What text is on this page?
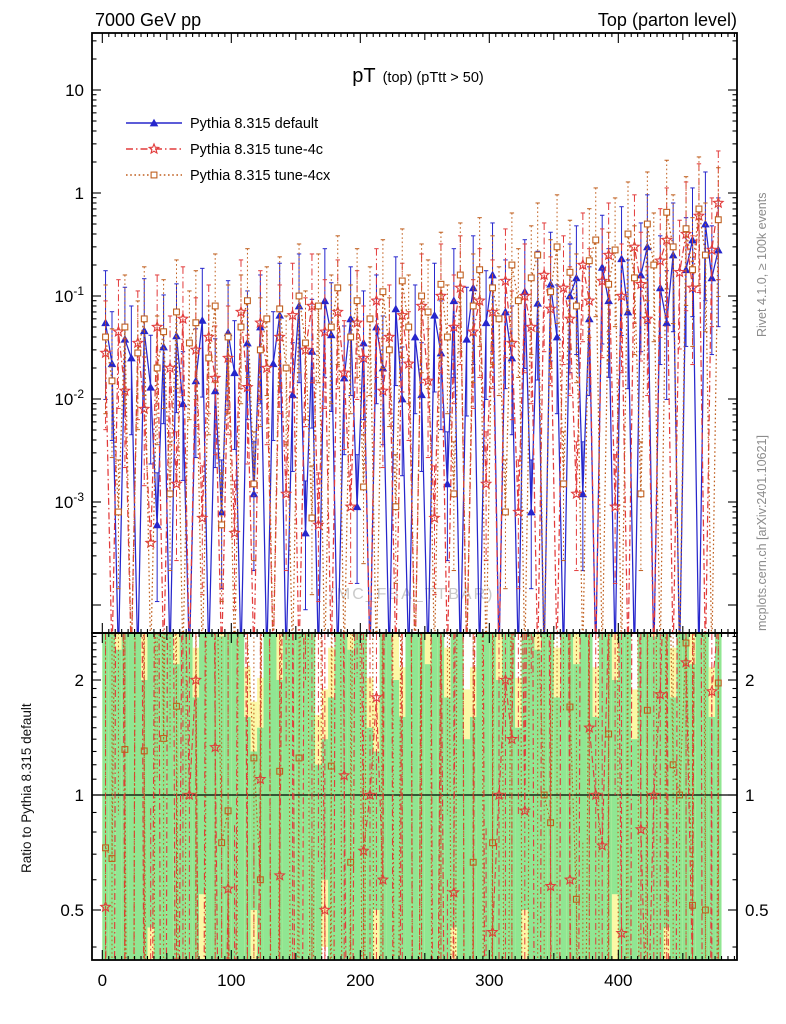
7000 GeV pp	Top (parton level)
Rivet 4.1.0, ≥ 100k events
mcplots.cern.ch [arXiv:2401.10621]
Ratio to Pythia 8.315 default
(MC_FBA_TTBAR)
0	100	200	300	400
$10^{-3}$
$10^{-2}$
$10^{-1}$
1
10
0.5	0.5
1	1
2	2
pT (top) (pTtt > 50)
Pythia 8.315 default
Pythia 8.315 tune-4c
Pythia 8.315 tune-4cx
